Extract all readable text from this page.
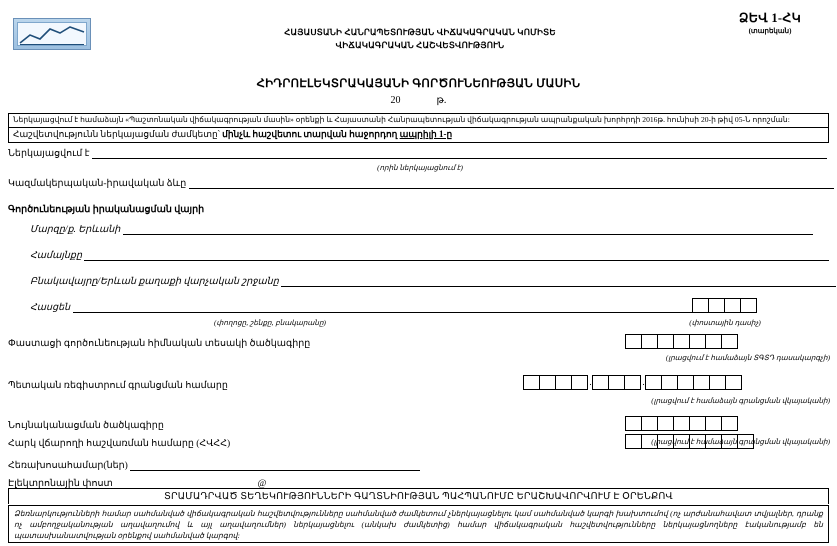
ՀԱՅԱՍՏԱՆԻ ՀԱՆՐԱՊԵՏՈՒԹՅԱՆ ՎԻՃԱԿԱԳՐԱԿԱՆ ԿՈՄԻՏԵ
ՎԻՃԱԿԱԳՐԱԿԱՆ ՀԱՇՎԵՏՎՈՒԹՅՈՒՆ
ՁԵՎ 1-ՀԿ
(տարեկան)
ՀԻԴՐՈԷԼԵԿՏՐԱԿԱՅԱՆԻ ԳՈՐԾՈՒՆԵՈՒԹՅԱՆ ՄԱՍԻՆ
20	թ.
Ներկայացվում է համաձայն «Պաշտոնական վիճակագրության մասին» օրենքի և Հայաստանի Հանրապետության վիճակագրության ապրանքական խորհրդի 2016թ. հունիսի 20-ի թիվ 05-Ն որոշման:
Հաշվետվությունն ներկայացման ժամկետը՝ մինչև հաշվետու տարվան հաջորդող ապրիլի 1-ը
Ներկայացվում է
(որին ներկայացնում է)
Կազմակերպական-իրավական ձևը
Գործունեության իրականացման վայրի
Մարզը/ք. Երևանի
Համայնքը
Բնակավայրը/Երևան քաղաքի վարչական շրջանը
Հասցեն
(փողոցը, շենքը, բնակարանը)	(փոստային դասիչ)
Փաստացի գործունեության հիմնական տեսակի ծածկագիրը
(լրացվում է համաձայն ՏԳՏԴ դասակարգչի)
Պետական ռեգիստրում գրանցման համարը	.	.
(լրացվում է համաձայն գրանցման վկայականի)
Նույնականացման ծածկագիրը
(լրացվում է համաձայն գրանցման վկայականի)
Հարկ վճարողի հաշվառման համարը (ՀՎՀՀ)
Հեռախոսահամար(ներ)
Էլեկտրոնային փոստ	@
ՏՐԱՄԱԴՐՎԱԾ ՏԵՂԵԿՈՒԹՅՈՒՆՆԵՐԻ ԳԱՂՏՆԻՈՒԹՅԱՆ ՊԱՀՊԱՆՈՒՄԸ ԵՐԱՇԽԱՎՈՐՎՈՒՄ Է ՕՐԵՆՔՈՎ
Ձեռնարկությունների համար սահմանված վիճակագրական հաշվետվությունները սահմանված ժամկետում չներկայացնելու կամ սահմանված կարգի խախտումով (ոչ արժանահավատ տվյալներ, դրանք ոչ ամբողջականության աղավաղումով և այլ աղավաղումներ) ներկայացնելու (անկախ ժամկետից) համար վիճակագրական հաշվետվությունները ներկայացնողները էականությամբ են պատասխանատվության օրենքով սահմանված կարգով:
